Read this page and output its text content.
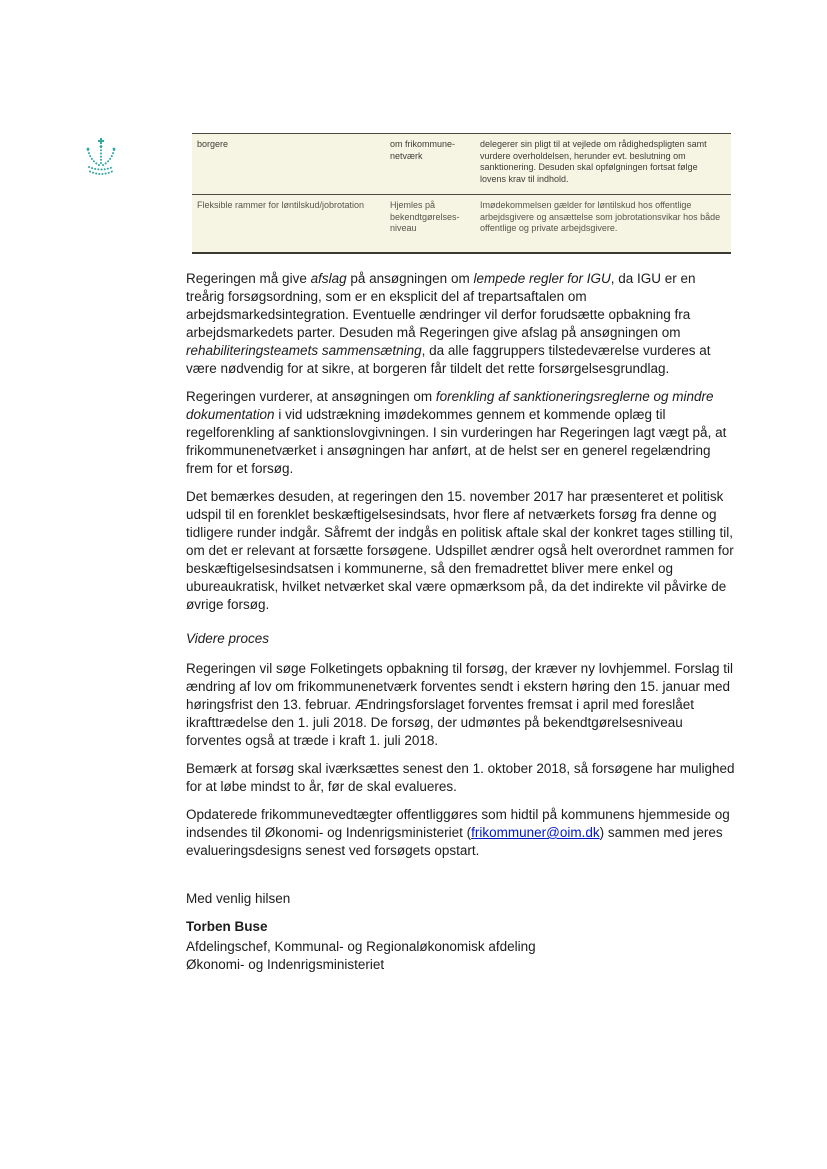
borgere	om frikommune-netværk
delegerer sin pligt til at vejlede om rådighedspligten samt vurdere overholdelsen, herunder evt. beslutning om sanktionering. Desuden skal opfølgningen fortsat følge lovens krav til indhold.
Fleksible rammer for løntilskud/jobrotation	Hjemles på bekendtgørelses-niveau
Imødekommelsen gælder for løntilskud hos offentlige arbejdsgivere og ansættelse som jobrotationsvikar hos både offentlige og private arbejdsgivere.

Regeringen må give afslag på ansøgningen om lempede regler for IGU, da IGU er en treårig forsøgsordning, som er en eksplicit del af trepartsaftalen om arbejdsmarkedsintegration. Eventuelle ændringer vil derfor forudsætte opbakning fra arbejdsmarkedets parter. Desuden må Regeringen give afslag på ansøgningen om rehabiliteringsteamets sammensætning, da alle faggruppers tilstedeværelse vurderes at være nødvendig for at sikre, at borgeren får tildelt det rette forsørgelsesgrundlag.

Regeringen vurderer, at ansøgningen om forenkling af sanktioneringsreglerne og mindre dokumentation i vid udstrækning imødekommes gennem et kommende oplæg til regelforenkling af sanktionslovgivningen. I sin vurderingen har Regeringen lagt vægt på, at frikommunenetværket i ansøgningen har anført, at de helst ser en generel regelændring frem for et forsøg.

Det bemærkes desuden, at regeringen den 15. november 2017 har præsenteret et politisk udspil til en forenklet beskæftigelsesindsats, hvor flere af netværkets forsøg fra denne og tidligere runder indgår. Såfremt der indgås en politisk aftale skal der konkret tages stilling til, om det er relevant at forsætte forsøgene. Udspillet ændrer også helt overordnet rammen for beskæftigelsesindsatsen i kommunerne, så den fremadrettet bliver mere enkel og ubureaukratisk, hvilket netværket skal være opmærksom på, da det indirekte vil påvirke de øvrige forsøg.

Videre proces

Regeringen vil søge Folketingets opbakning til forsøg, der kræver ny lovhjemmel. Forslag til ændring af lov om frikommunenetværk forventes sendt i ekstern høring den 15. januar med høringsfrist den 13. februar. Ændringsforslaget forventes fremsat i april med foreslået ikrafttrædelse den 1. juli 2018. De forsøg, der udmøntes på bekendtgørelsesniveau forventes også at træde i kraft 1. juli 2018.

Bemærk at forsøg skal iværksættes senest den 1. oktober 2018, så forsøgene har mulighed for at løbe mindst to år, før de skal evalueres.

Opdaterede frikommunevedtægter offentliggøres som hidtil på kommunens hjemmeside og indsendes til Økonomi- og Indenrigsministeriet (frikommuner@oim.dk) sammen med jeres evalueringsdesigns senest ved forsøgets opstart.

Med venlig hilsen

Torben Buse

Afdelingschef, Kommunal- og Regionaløkonomisk afdeling

Økonomi- og Indenrigsministeriet
